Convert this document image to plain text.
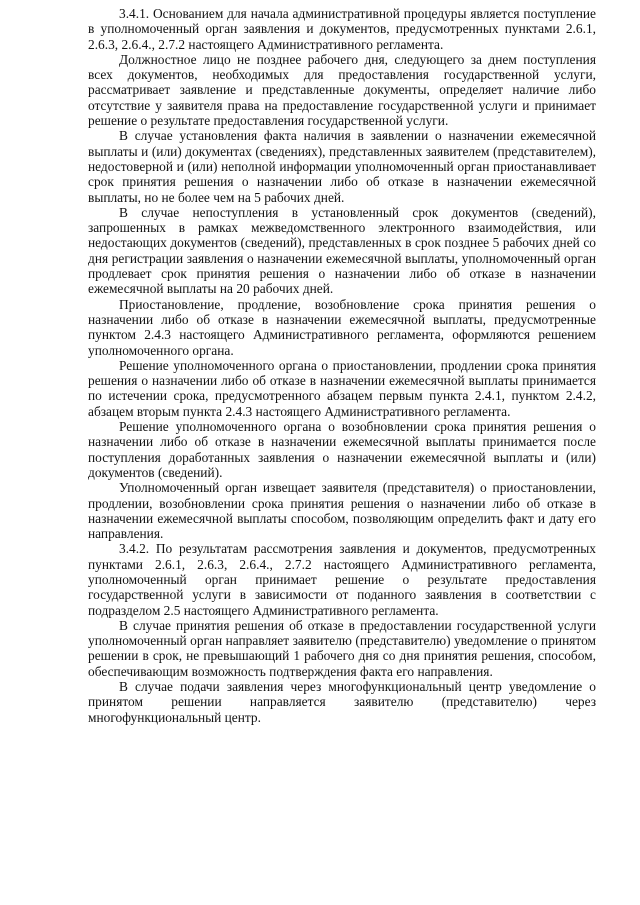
3.4.1. Основанием для начала административной процедуры является поступление в уполномоченный орган заявления и документов, предусмотренных пунктами 2.6.1, 2.6.3, 2.6.4., 2.7.2 настоящего Административного регламента.

Должностное лицо не позднее рабочего дня, следующего за днем поступления всех документов, необходимых для предоставления государственной услуги, рассматривает заявление и представленные документы, определяет наличие либо отсутствие у заявителя права на предоставление государственной услуги и принимает решение о результате предоставления государственной услуги.

В случае установления факта наличия в заявлении о назначении ежемесячной выплаты и (или) документах (сведениях), представленных заявителем (представителем), недостоверной и (или) неполной информации уполномоченный орган приостанавливает срок принятия решения о назначении либо об отказе в назначении ежемесячной выплаты, но не более чем на 5 рабочих дней.

В случае непоступления в установленный срок документов (сведений), запрошенных в рамках межведомственного электронного взаимодействия, или недостающих документов (сведений), представленных в срок позднее 5 рабочих дней со дня регистрации заявления о назначении ежемесячной выплаты, уполномоченный орган продлевает срок принятия решения о назначении либо об отказе в назначении ежемесячной выплаты на 20 рабочих дней.

Приостановление, продление, возобновление срока принятия решения о назначении либо об отказе в назначении ежемесячной выплаты, предусмотренные пунктом 2.4.3 настоящего Административного регламента, оформляются решением уполномоченного органа.

Решение уполномоченного органа о приостановлении, продлении срока принятия решения о назначении либо об отказе в назначении ежемесячной выплаты принимается по истечении срока, предусмотренного абзацем первым пункта 2.4.1, пунктом 2.4.2, абзацем вторым пункта 2.4.3 настоящего Административного регламента.

Решение уполномоченного органа о возобновлении срока принятия решения о назначении либо об отказе в назначении ежемесячной выплаты принимается после поступления доработанных заявления о назначении ежемесячной выплаты и (или) документов (сведений).

Уполномоченный орган извещает заявителя (представителя) о приостановлении, продлении, возобновлении срока принятия решения о назначении либо об отказе в назначении ежемесячной выплаты способом, позволяющим определить факт и дату его направления.

3.4.2. По результатам рассмотрения заявления и документов, предусмотренных пунктами 2.6.1, 2.6.3, 2.6.4., 2.7.2 настоящего Административного регламента, уполномоченный орган принимает решение о результате предоставления государственной услуги в зависимости от поданного заявления в соответствии с подразделом 2.5 настоящего Административного регламента.

В случае принятия решения об отказе в предоставлении государственной услуги уполномоченный орган направляет заявителю (представителю) уведомление о принятом решении в срок, не превышающий 1 рабочего дня со дня принятия решения, способом, обеспечивающим возможность подтверждения факта его направления.

В случае подачи заявления через многофункциональный центр уведомление о принятом решении направляется заявителю (представителю) через многофункциональный центр.
